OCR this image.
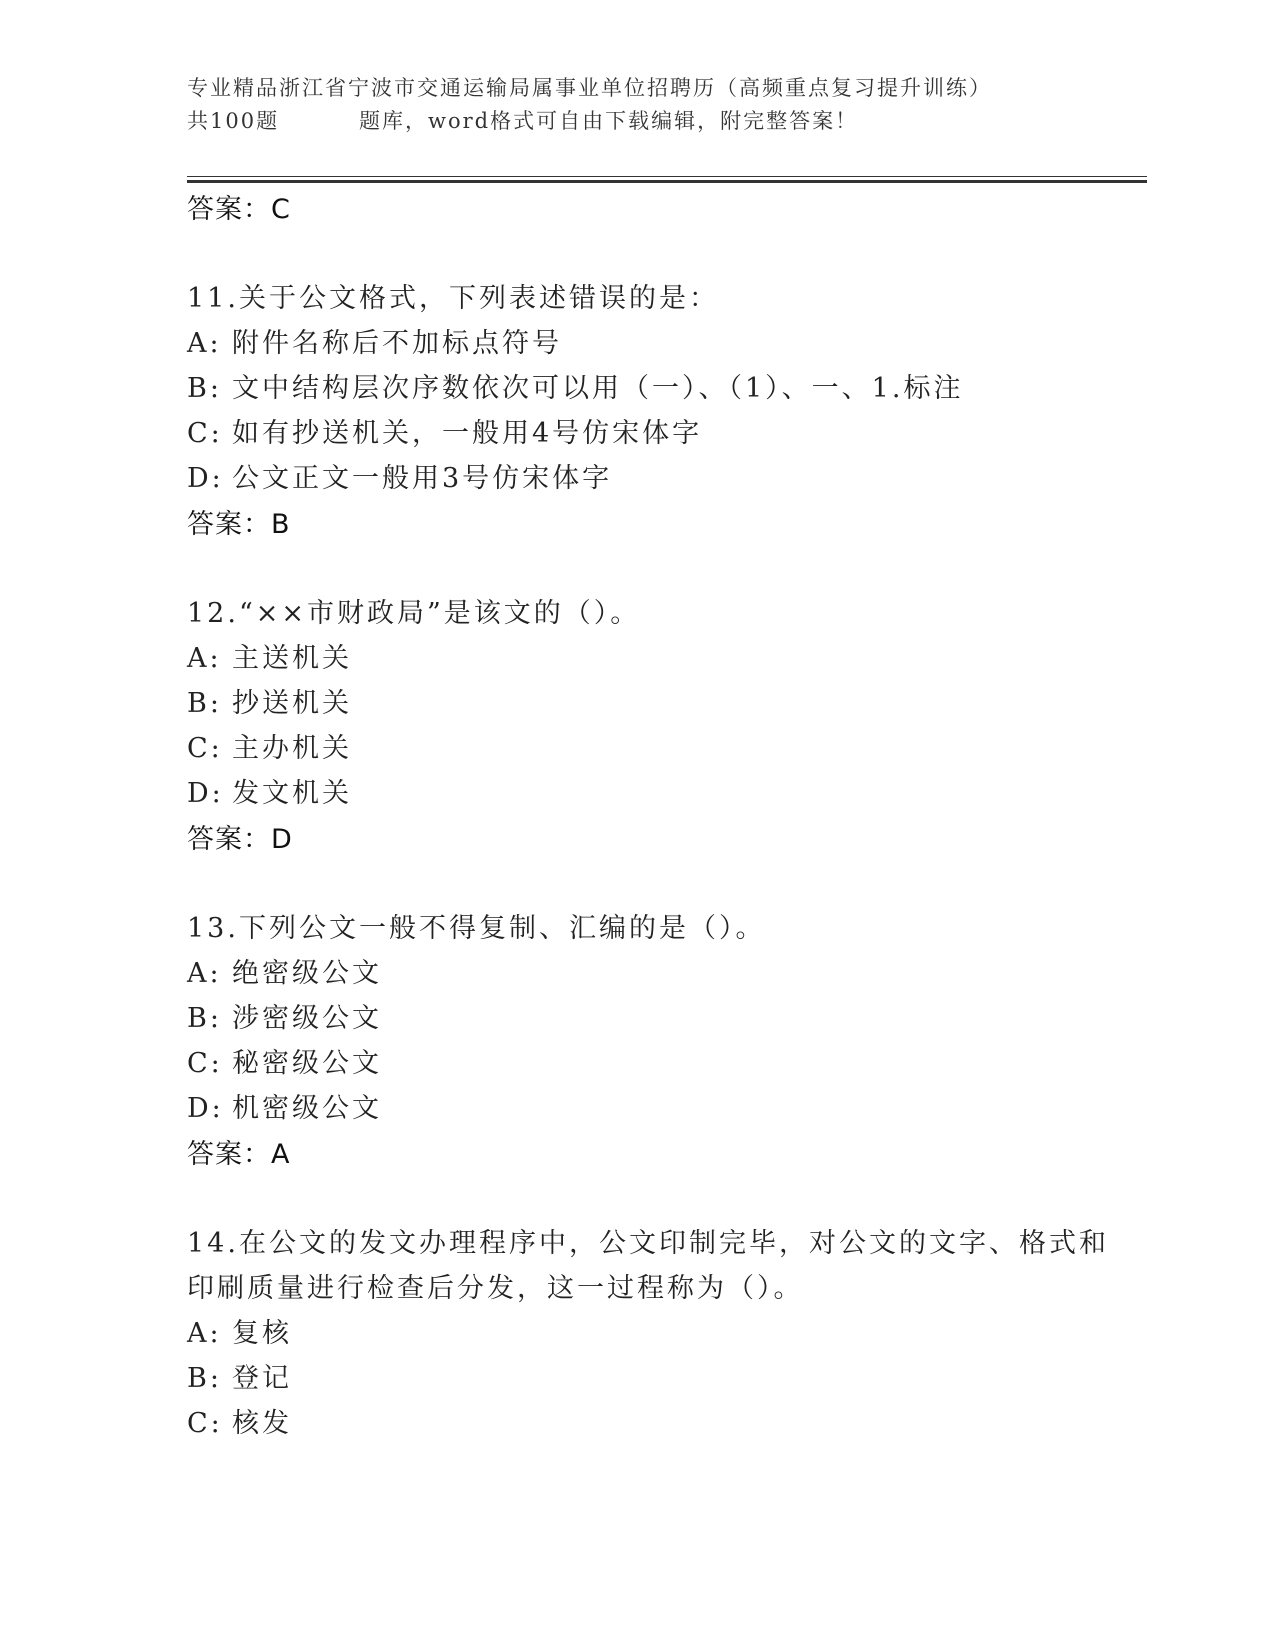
专业精品浙江省宁波市交通运输局属事业单位招聘历（高频重点复习提升训练）
共100题	题库，word格式可自由下载编辑，附完整答案！
答案：C
11.关于公文格式，下列表述错误的是：
A: 附件名称后不加标点符号
B: 文中结构层次序数依次可以用（一）、（1）、一、1.标注
C: 如有抄送机关，一般用4号仿宋体字
D: 公文正文一般用3号仿宋体字
答案：B
12.“××市财政局”是该文的（）。
A: 主送机关
B: 抄送机关
C: 主办机关
D: 发文机关
答案：D
13.下列公文一般不得复制、汇编的是（）。
A: 绝密级公文
B: 涉密级公文
C: 秘密级公文
D: 机密级公文
答案：A
14.在公文的发文办理程序中，公文印制完毕，对公文的文字、格式和
印刷质量进行检查后分发，这一过程称为（）。
A: 复核
B: 登记
C: 核发
